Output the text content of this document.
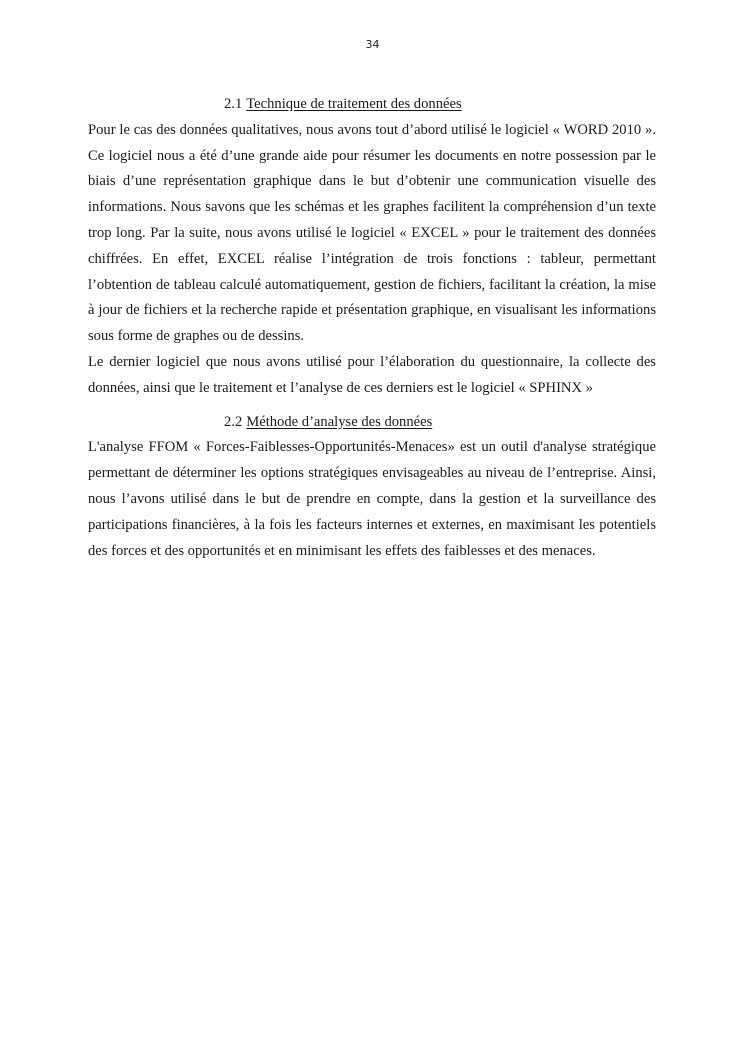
34
2.1 Technique de traitement des données

Pour le cas des données qualitatives, nous avons tout d’abord utilisé le logiciel « WORD 2010 ». Ce logiciel nous a été d’une grande aide pour résumer les documents en notre possession par le biais d’une représentation graphique dans le but d’obtenir une communication visuelle des informations. Nous savons que les schémas et les graphes facilitent la compréhension d’un texte trop long. Par la suite, nous avons utilisé le logiciel « EXCEL » pour le traitement des données chiffrées. En effet, EXCEL réalise l’intégration de trois fonctions : tableur, permettant l’obtention de tableau calculé automatiquement, gestion de fichiers, facilitant la création, la mise à jour de fichiers et la recherche rapide et présentation graphique, en visualisant les informations sous forme de graphes ou de dessins.

Le dernier logiciel que nous avons utilisé pour l’élaboration du questionnaire, la collecte des données, ainsi que le traitement et l’analyse de ces derniers est le logiciel « SPHINX »

2.2 Méthode d’analyse des données

L'analyse FFOM « Forces-Faiblesses-Opportunités-Menaces» est un outil d'analyse stratégique permettant de déterminer les options stratégiques envisageables au niveau de l’entreprise. Ainsi, nous l’avons utilisé dans le but de prendre en compte, dans la gestion et la surveillance des participations financières, à la fois les facteurs internes et externes, en maximisant les potentiels des forces et des opportunités et en minimisant les effets des faiblesses et des menaces.
